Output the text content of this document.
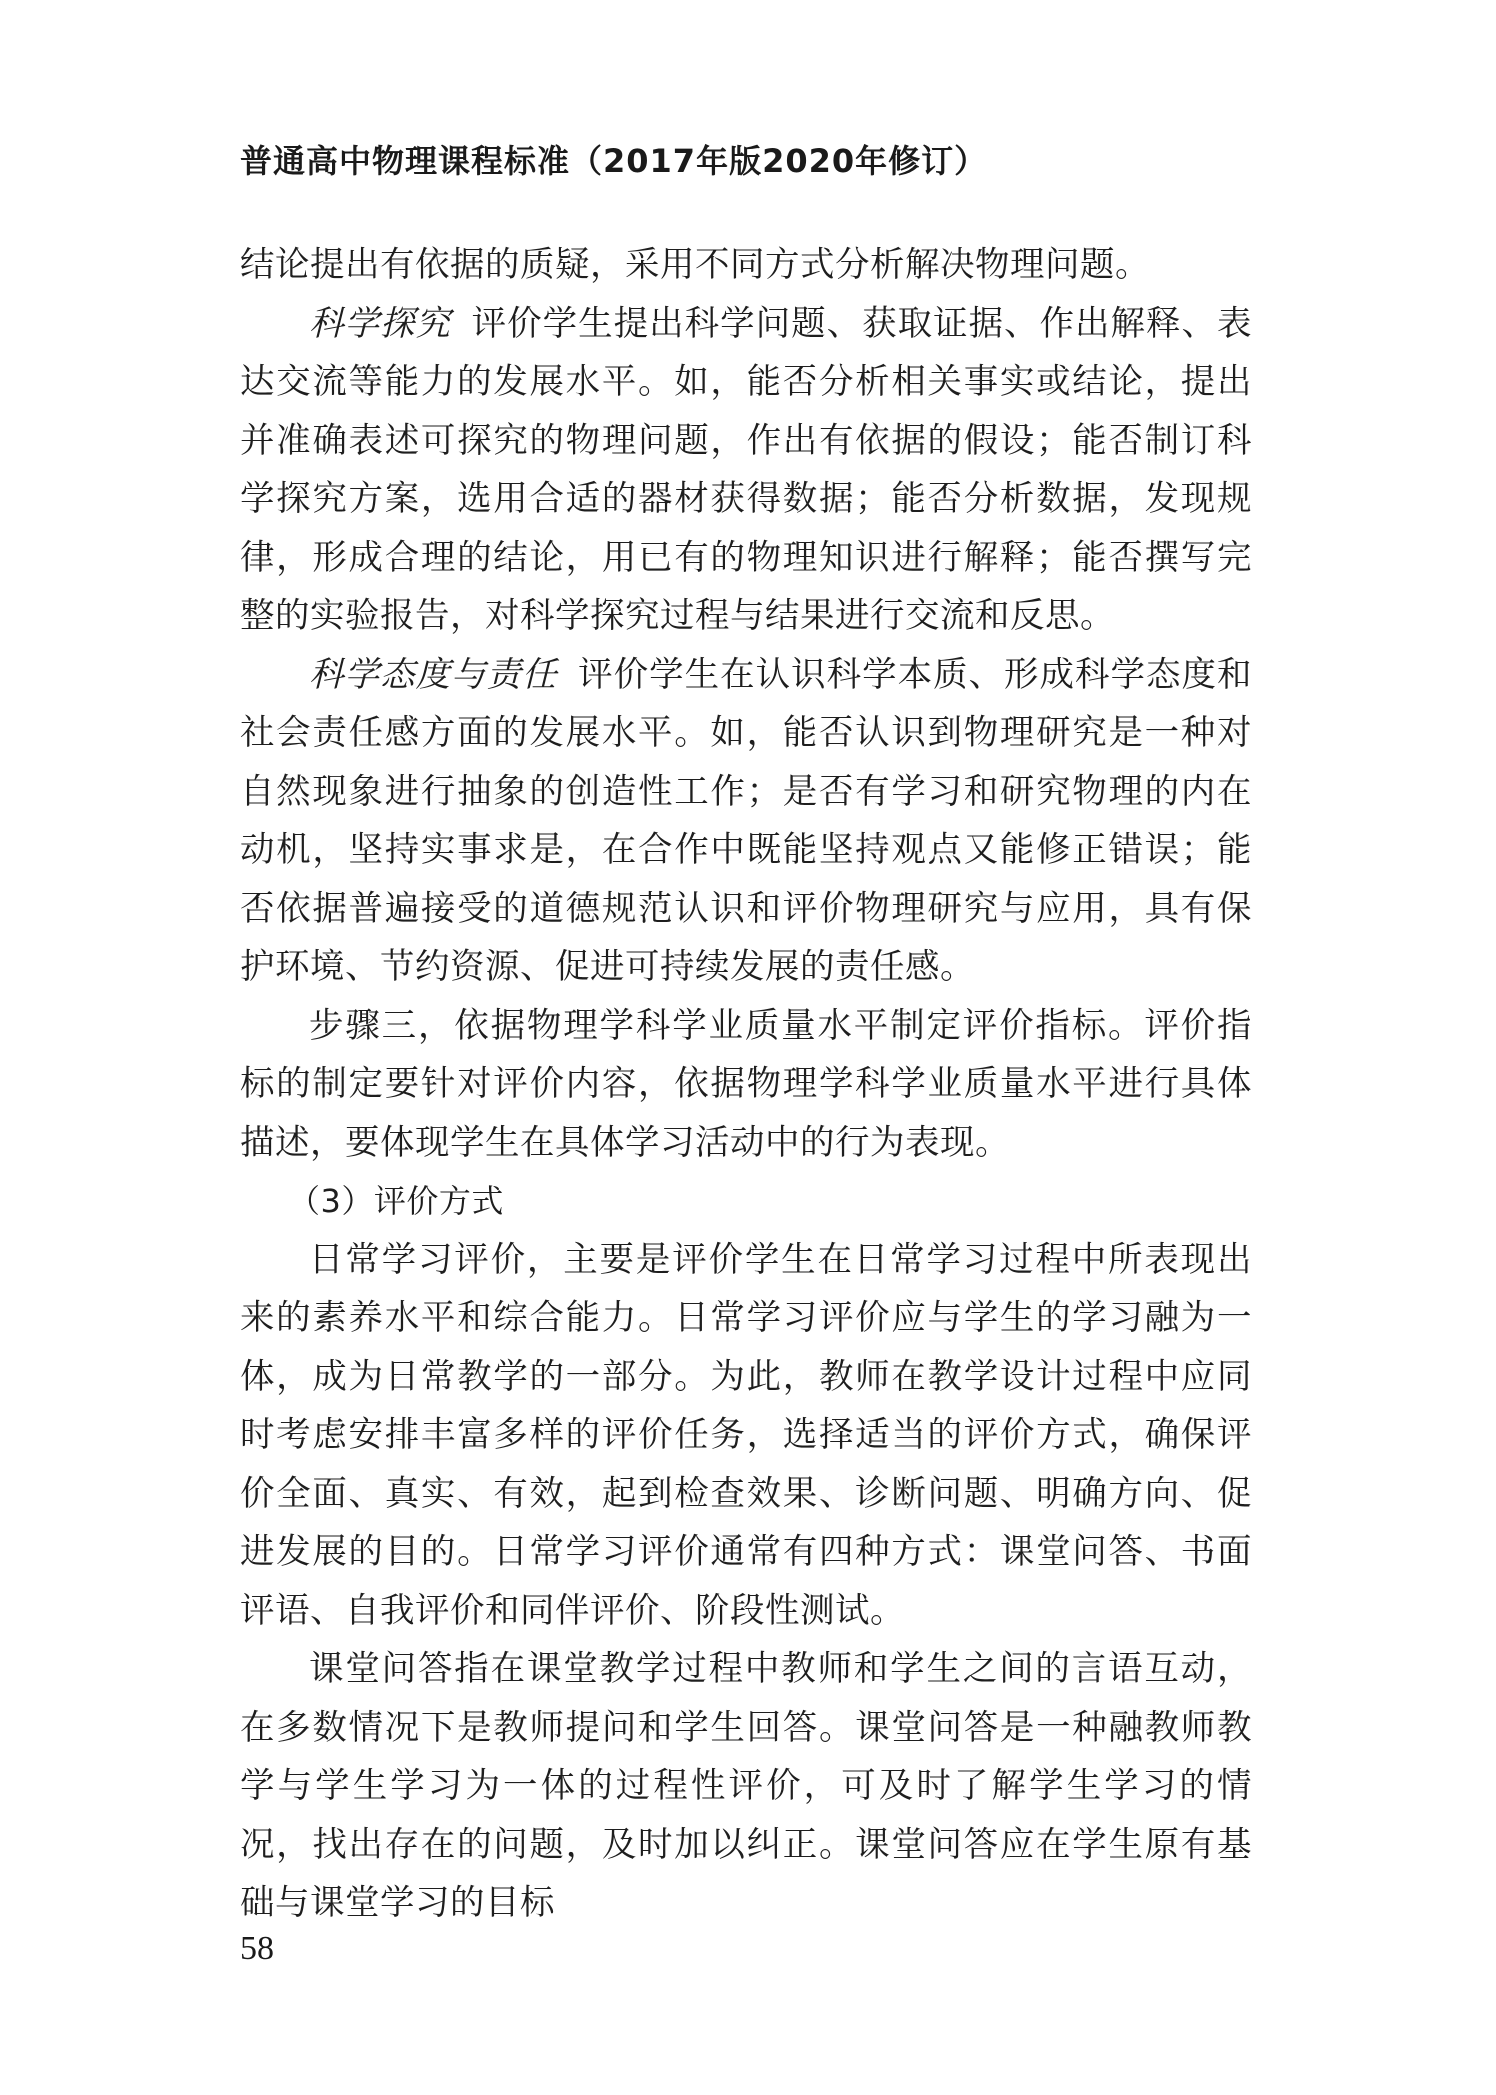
普通高中物理课程标准（2017年版2020年修订）

结论提出有依据的质疑，采用不同方式分析解决物理问题。

科学探究 评价学生提出科学问题、获取证据、作出解释、表达交流等能力的发展水平。如，能否分析相关事实或结论，提出并准确表述可探究的物理问题，作出有依据的假设；能否制订科学探究方案，选用合适的器材获得数据；能否分析数据，发现规律，形成合理的结论，用已有的物理知识进行解释；能否撰写完整的实验报告，对科学探究过程与结果进行交流和反思。

科学态度与责任 评价学生在认识科学本质、形成科学态度和社会责任感方面的发展水平。如，能否认识到物理研究是一种对自然现象进行抽象的创造性工作；是否有学习和研究物理的内在动机，坚持实事求是，在合作中既能坚持观点又能修正错误；能否依据普遍接受的道德规范认识和评价物理研究与应用，具有保护环境、节约资源、促进可持续发展的责任感。

步骤三，依据物理学科学业质量水平制定评价指标。评价指标的制定要针对评价内容，依据物理学科学业质量水平进行具体描述，要体现学生在具体学习活动中的行为表现。

（3）评价方式

日常学习评价，主要是评价学生在日常学习过程中所表现出来的素养水平和综合能力。日常学习评价应与学生的学习融为一体，成为日常教学的一部分。为此，教师在教学设计过程中应同时考虑安排丰富多样的评价任务，选择适当的评价方式，确保评价全面、真实、有效，起到检查效果、诊断问题、明确方向、促进发展的目的。日常学习评价通常有四种方式：课堂问答、书面评语、自我评价和同伴评价、阶段性测试。

课堂问答指在课堂教学过程中教师和学生之间的言语互动，在多数情况下是教师提问和学生回答。课堂问答是一种融教师教学与学生学习为一体的过程性评价，可及时了解学生学习的情况，找出存在的问题，及时加以纠正。课堂问答应在学生原有基础与课堂学习的目标

58
